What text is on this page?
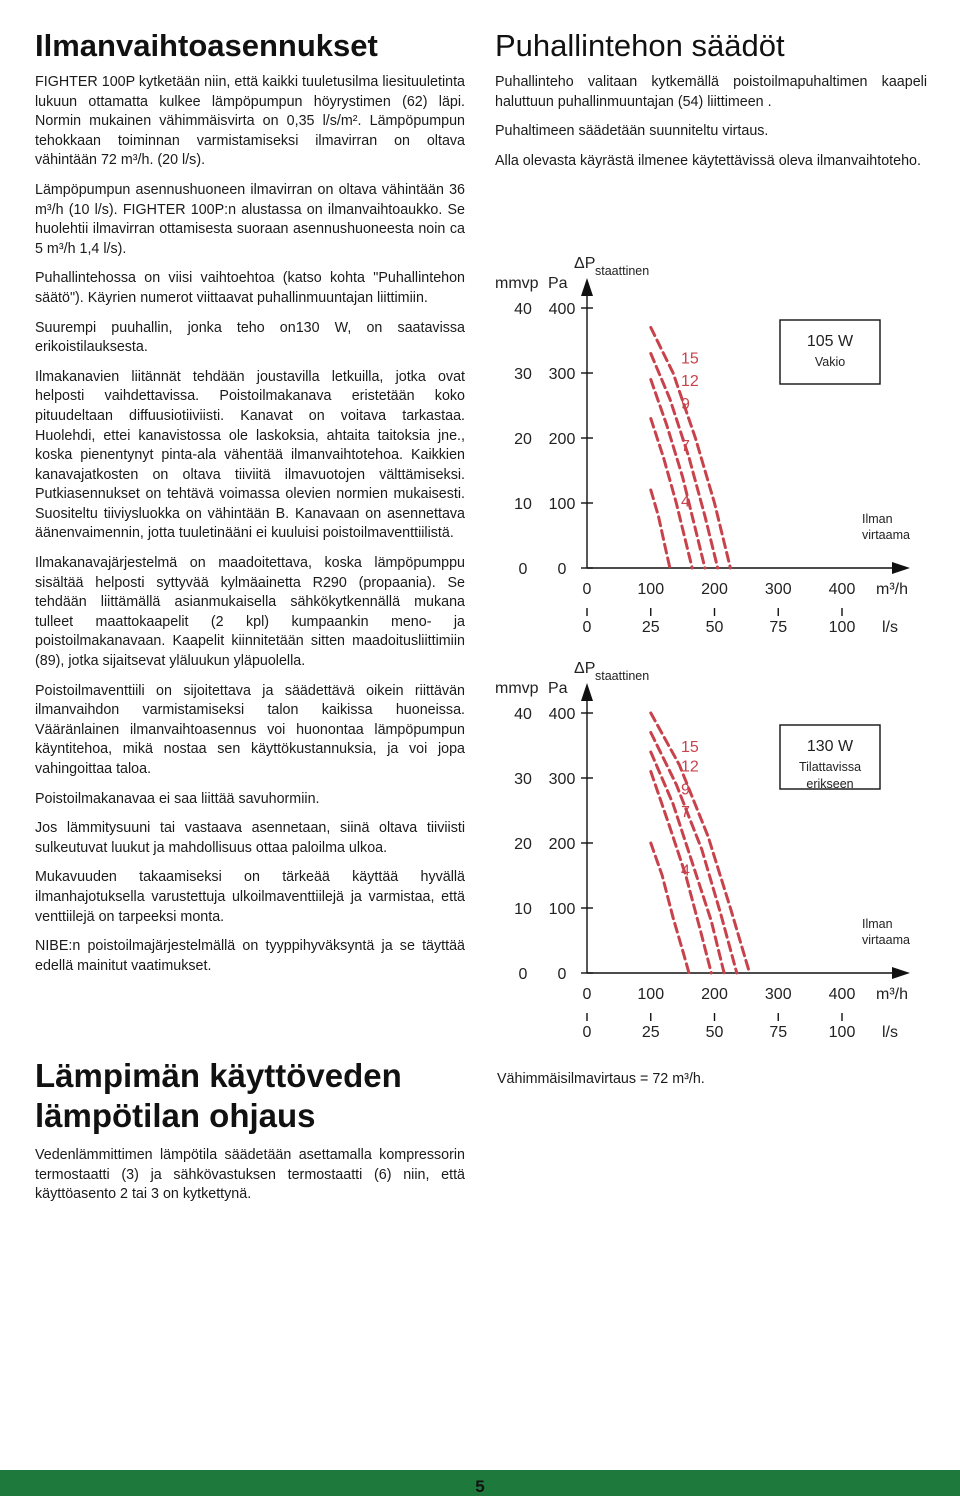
Ilmanvaihtoasennukset

FIGHTER 100P kytketään niin, että kaikki tuuletusilma liesituuletinta lukuun ottamatta kulkee lämpöpumpun höyrystimen (62) läpi. Normin mukainen vähimmäisvirta on 0,35 l/s/m². Lämpöpumpun tehokkaan toiminnan varmistamiseksi ilmavirran on oltava vähintään 72 m³/h. (20 l/s).

Lämpöpumpun asennushuoneen ilmavirran on oltava vähintään 36 m³/h (10 l/s). FIGHTER 100P:n alustassa on ilmanvaihtoaukko. Se huolehtii ilmavirran ottamisesta suoraan asennushuoneesta noin ca 5 m³/h 1,4 l/s).

Puhallintehossa on viisi vaihtoehtoa (katso kohta "Puhallintehon säätö"). Käyrien numerot viittaavat puhallinmuuntajan liittimiin.

Suurempi puuhallin, jonka teho on130 W, on saatavissa erikoistilauksesta.

Ilmakanavien liitännät tehdään joustavilla letkuilla, jotka ovat helposti vaihdettavissa. Poistoilmakanava eristetään koko pituudeltaan diffuusiotiiviisti. Kanavat on voitava tarkastaa. Huolehdi, ettei kanavistossa ole laskoksia, ahtaita taitoksia jne., koska pienentynyt pinta-ala vähentää ilmanvaihtotehoa. Kaikkien kanavajatkosten on oltava tiiviitä ilmavuotojen välttämiseksi. Putkiasennukset on tehtävä voimassa olevien normien mukaisesti. Suositeltu tiiviysluokka on vähintään B. Kanavaan on asennettava äänenvaimennin, jotta tuuletinääni ei kuuluisi poistoilmaventtiilistä.

Ilmakanavajärjestelmä on maadoitettava, koska lämpöpumppu sisältää helposti syttyvää kylmäainetta R290 (propaania). Se tehdään liittämällä asianmukaisella sähkökytkennällä mukana tulleet maattokaapelit (2 kpl) kumpaankin meno- ja poistoilmakanavaan. Kaapelit kiinnitetään sitten maadoitusliittimiin (89), jotka sijaitsevat yläluukun yläpuolella.

Poistoilmaventtiili on sijoitettava ja säädettävä oikein riittävän ilmanvaihdon varmistamiseksi talon kaikissa huoneissa. Vääränlainen ilmanvaihtoasennus voi huonontaa lämpöpumpun käyntitehoa, mikä nostaa sen käyttökustannuksia, ja voi jopa vahingoittaa taloa.

Poistoilmakanavaa ei saa liittää savuhormiin.

Jos lämmitysuuni tai vastaava asennetaan, siinä oltava tiiviisti sulkeutuvat luukut ja mahdollisuus ottaa paloilma ulkoa.

Mukavuuden takaamiseksi on tärkeää käyttää hyvällä ilmanhajotuksella varustettuja ulkoilmaventtiilejä ja varmistaa, että venttiilejä on tarpeeksi monta.

NIBE:n poistoilmajärjestelmällä on tyyppihyväksyntä ja se täyttää edellä mainitut vaatimukset.

Lämpimän käyttöveden lämpötilan ohjaus

Vedenlämmittimen lämpötila säädetään asettamalla kompressorin termostaatti (3) ja sähkövastuksen termostaatti (6) niin, että käyttöasento 2 tai 3 on kytkettynä.

Puhallintehon säädöt

Puhallinteho valitaan kytkemällä poistoilmapuhaltimen kaapeli haluttuun puhallinmuuntajan (54) liittimeen .

Puhaltimeen säädetään suunniteltu virtaus.

Alla olevasta käyrästä ilmenee käytettävissä oleva ilmanvaihtoteho.

ΔP staattinen
mmvp Pa
40 400
30 300
20 200
10 100
0 0
Ilman
virtaama
0
0
100
25
200
50
300
75
400
100
m³/h
l/s
105 W
Vakio
15
12
9
7
4
ΔP staattinen
mmvp Pa
40 400
30 300
20 200
10 100
0 0
Ilman
virtaama
0
0
100
25
200
50
300
75
400
100
m³/h
l/s
130 W
Tilattavissa
erikseen
15
12
9
7
4

Vähimmäisilmavirtaus = 72 m³/h.

5
